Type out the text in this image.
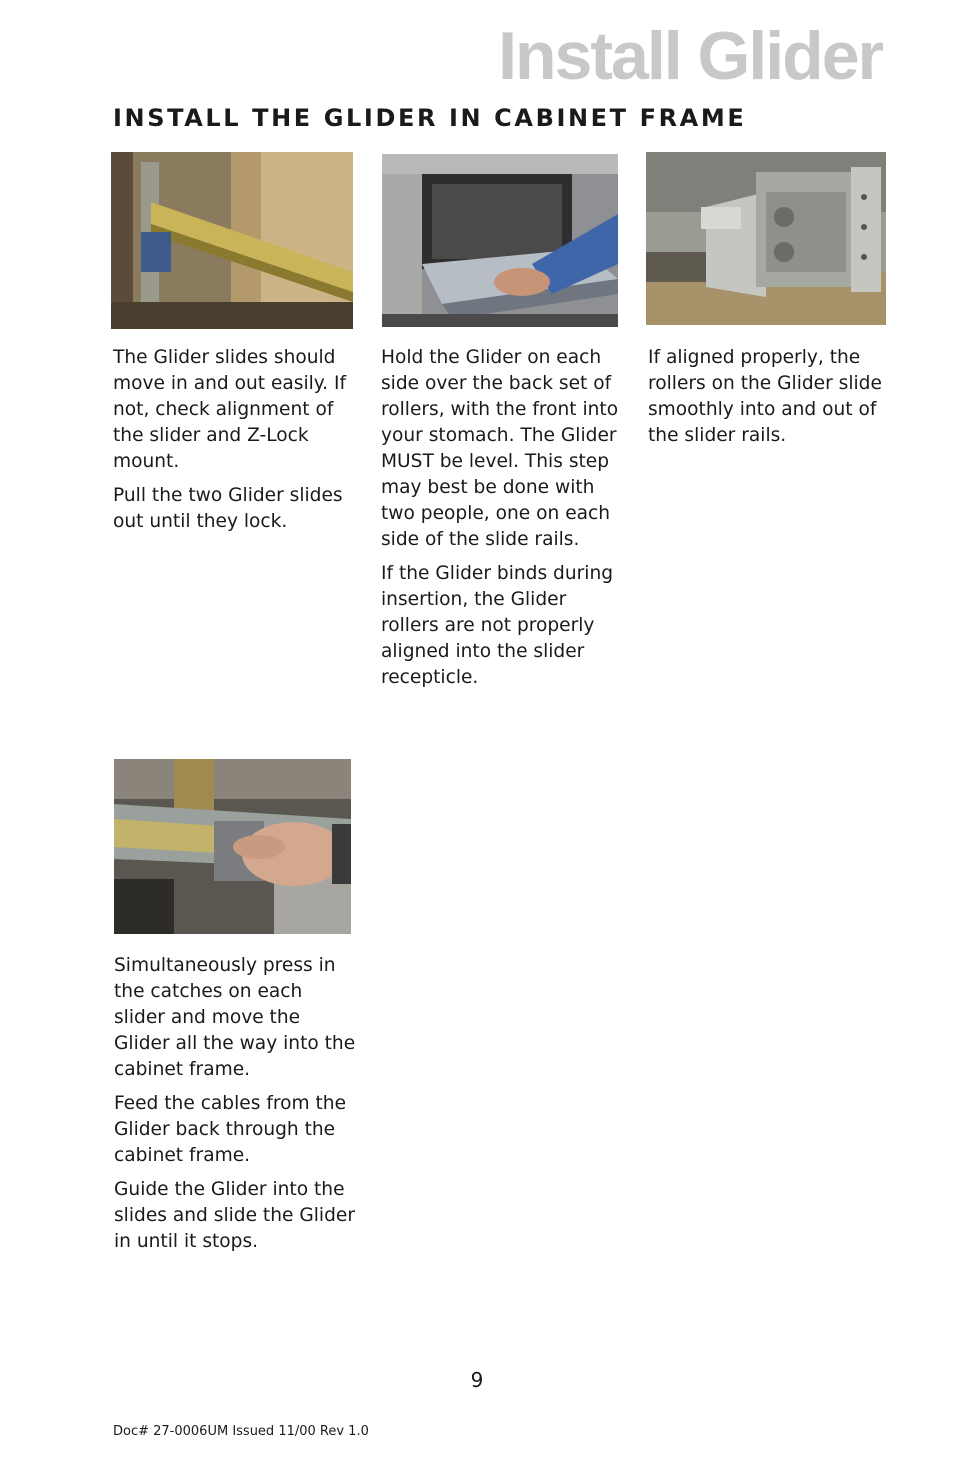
Install Glider
INSTALL THE GLIDER IN CABINET FRAME

The Glider slides should move in and out easily. If not, check alignment of the slider and Z-Lock mount.

Pull the two Glider slides out until they lock.

Hold the Glider on each side over the back set of rollers, with the front into your stomach. The Glider MUST be level. This step may best be done with two people, one on each side of the slide rails.

If the Glider binds during insertion, the Glider rollers are not properly aligned into the slider recepticle.

If aligned properly, the rollers on the Glider slide smoothly into and out of the slider rails.

Simultaneously press in the catches on each slider and move the Glider all the way into the cabinet frame.

Feed the cables from the Glider back through the cabinet frame.

Guide the Glider into the slides and slide the Glider in until it stops.

9
Doc# 27-0006UM Issued 11/00 Rev 1.0
